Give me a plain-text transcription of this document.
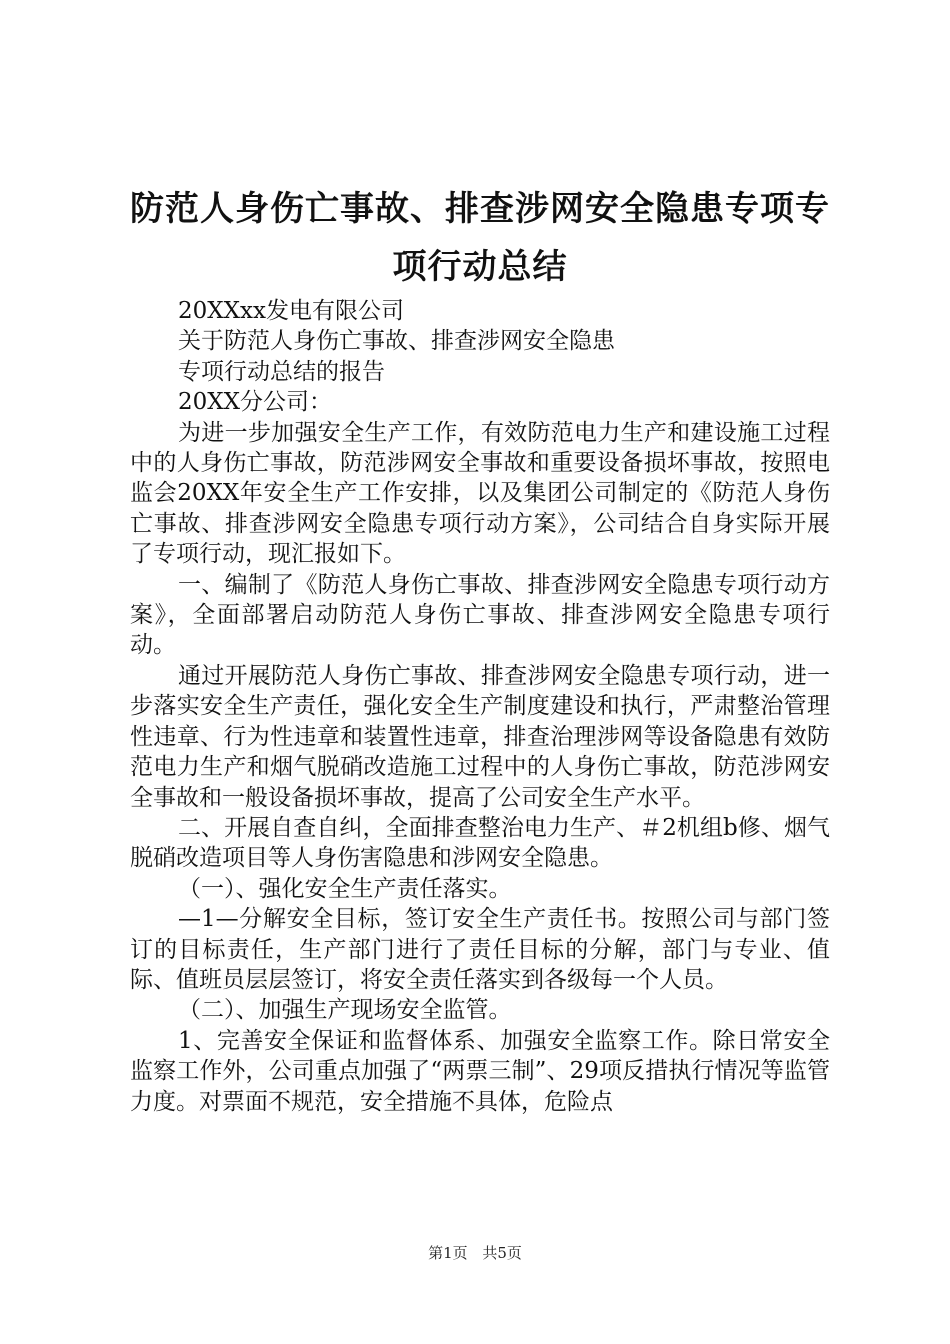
防范人身伤亡事故、排查涉网安全隐患专项专
项行动总结

20XXxx发电有限公司

关于防范人身伤亡事故、排查涉网安全隐患

专项行动总结的报告

20XX分公司：

为进一步加强安全生产工作，有效防范电力生产和建设施工过程中的人身伤亡事故，防范涉网安全事故和重要设备损坏事故，按照电监会20XX年安全生产工作安排，以及集团公司制定的《防范人身伤亡事故、排查涉网安全隐患专项行动方案》，公司结合自身实际开展了专项行动，现汇报如下。

一、编制了《防范人身伤亡事故、排查涉网安全隐患专项行动方案》，全面部署启动防范人身伤亡事故、排查涉网安全隐患专项行动。

通过开展防范人身伤亡事故、排查涉网安全隐患专项行动，进一步落实安全生产责任，强化安全生产制度建设和执行，严肃整治管理性违章、行为性违章和装置性违章，排查治理涉网等设备隐患有效防范电力生产和烟气脱硝改造施工过程中的人身伤亡事故，防范涉网安全事故和一般设备损坏事故，提高了公司安全生产水平。

二、开展自查自纠，全面排查整治电力生产、＃2机组b修、烟气脱硝改造项目等人身伤害隐患和涉网安全隐患。

（一）、强化安全生产责任落实。

—1—分解安全目标，签订安全生产责任书。按照公司与部门签订的目标责任，生产部门进行了责任目标的分解，部门与专业、值际、值班员层层签订，将安全责任落实到各级每一个人员。

（二）、加强生产现场安全监管。

1、完善安全保证和监督体系、加强安全监察工作。除日常安全监察工作外，公司重点加强了“两票三制”、29项反措执行情况等监管力度。对票面不规范，安全措施不具体，危险点

第1页 共5页
